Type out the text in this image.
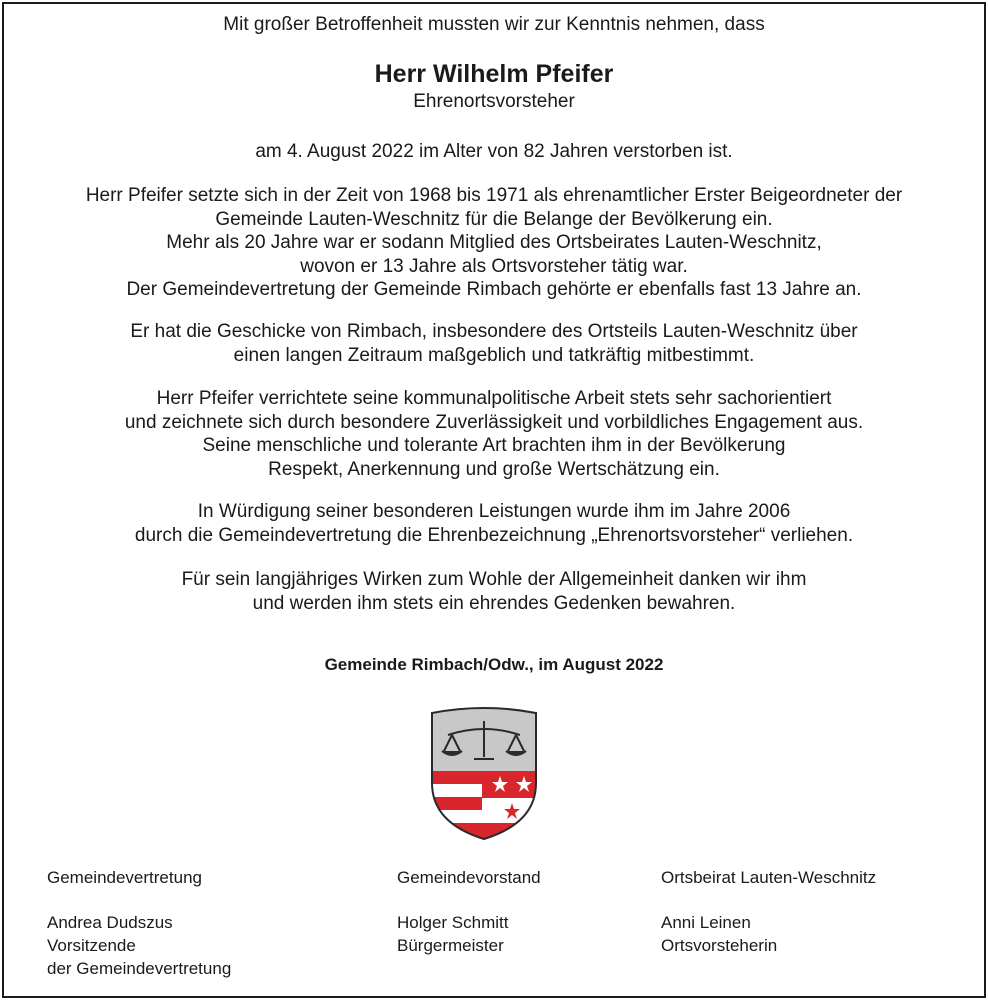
Mit großer Betroffenheit mussten wir zur Kenntnis nehmen, dass
Herr Wilhelm Pfeifer
Ehrenortsvorsteher
am 4. August 2022 im Alter von 82 Jahren verstorben ist.
Herr Pfeifer setzte sich in der Zeit von 1968 bis 1971 als ehrenamtlicher Erster Beigeordneter der
Gemeinde Lauten-Weschnitz für die Belange der Bevölkerung ein.
Mehr als 20 Jahre war er sodann Mitglied des Ortsbeirates Lauten-Weschnitz,
wovon er 13 Jahre als Ortsvorsteher tätig war.
Der Gemeindevertretung der Gemeinde Rimbach gehörte er ebenfalls fast 13 Jahre an.
Er hat die Geschicke von Rimbach, insbesondere des Ortsteils Lauten-Weschnitz über
einen langen Zeitraum maßgeblich und tatkräftig mitbestimmt.
Herr Pfeifer verrichtete seine kommunalpolitische Arbeit stets sehr sachorientiert
und zeichnete sich durch besondere Zuverlässigkeit und vorbildliches Engagement aus.
Seine menschliche und tolerante Art brachten ihm in der Bevölkerung
Respekt, Anerkennung und große Wertschätzung ein.
In Würdigung seiner besonderen Leistungen wurde ihm im Jahre 2006
durch die Gemeindevertretung die Ehrenbezeichnung „Ehrenortsvorsteher“ verliehen.
Für sein langjähriges Wirken zum Wohle der Allgemeinheit danken wir ihm
und werden ihm stets ein ehrendes Gedenken bewahren.
Gemeinde Rimbach/Odw., im August 2022
Gemeindevertretung
Andrea Dudszus
Vorsitzende
der Gemeindevertretung
Gemeindevorstand
Holger Schmitt
Bürgermeister
Ortsbeirat Lauten-Weschnitz
Anni Leinen
Ortsvorsteherin
